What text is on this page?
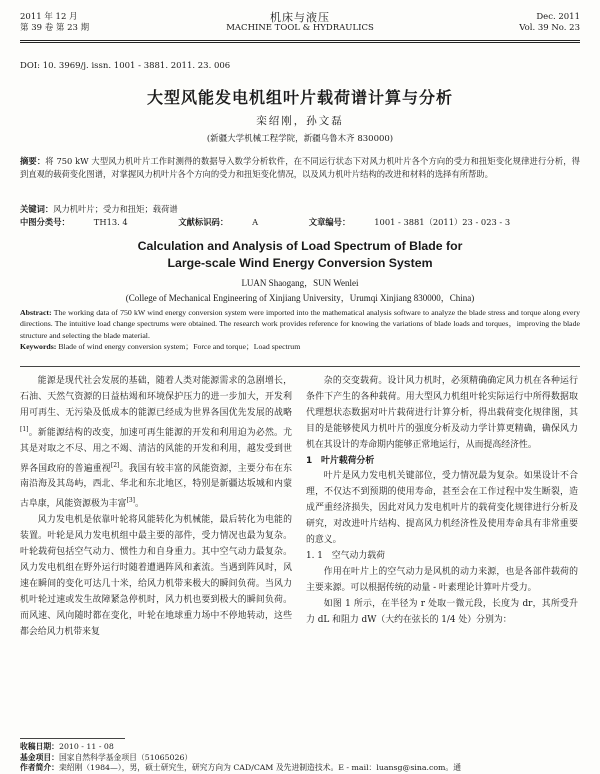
2011 年 12 月
第 39 卷 第 23 期
机床与液压
MACHINE TOOL & HYDRAULICS
Dec. 2011
Vol. 39 No. 23
DOI: 10. 3969/j. issn. 1001 - 3881. 2011. 23. 006
大型风能发电机组叶片载荷谱计算与分析
栾绍刚，孙文磊
(新疆大学机械工程学院，新疆乌鲁木齐 830000)
摘要：将 750 kW 大型风力机叶片工作时测得的数据导入数学分析软件，在不同运行状态下对风力机叶片各个方向的受力和扭矩变化规律进行分析，得到直观的载荷变化图谱，对掌握风力机叶片各个方向的受力和扭矩变化情况，以及风力机叶片结构的改进和材料的选择有所帮助。
关键词：风力机叶片；受力和扭矩；载荷谱
中图分类号：	TH13. 4	文献标识码：	A	文章编号：	1001 - 3881（2011）23 - 023 - 3
Calculation and Analysis of Load Spectrum of Blade for
Large-scale Wind Energy Conversion System
LUAN Shaogang，SUN Wenlei
(College of Mechanical Engineering of Xinjiang University，Urumqi Xinjiang 830000，China)
Abstract: The working data of 750 kW wind energy conversion system were imported into the mathematical analysis software to analyze the blade stress and torque along every directions. The intuitive load change spectrums were obtained. The research work provides reference for knowing the variations of blade loads and torques，improving the blade structure and selecting the blade material.
Keywords: Blade of wind energy conversion system；Force and torque；Load spectrum

能源是现代社会发展的基础，随着人类对能源需求的急剧增长，石油、天然气资源的日益枯竭和环境保护压力的进一步加大，开发利用可再生、无污染及低成本的能源已经成为世界各国优先发展的战略[1]。新能源结构的改变，加速可再生能源的开发和利用迫为必然。尤其是对取之不尽、用之不竭、清洁的风能的开发和利用，越发受到世界各国政府的普遍重视[2]。我国有较丰富的风能资源，主要分布在东南沿海及其岛屿，西北、华北和东北地区，特别是新疆达坂城和内蒙古阜康，风能资源极为丰富[3]。

风力发电机是依靠叶轮将风能转化为机械能，最后转化为电能的装置。叶轮是风力发电机组中最主要的部件，受力情况也最为复杂。叶轮载荷包括空气动力、惯性力和自身重力。其中空气动力最复杂。风力发电机组在野外运行时随着遭遇阵风和紊流。当遇到阵风时，风速在瞬间的变化可达几十米，给风力机带来极大的瞬间负荷。当风力机叶轮过速或发生故障紧急停机时，风力机也要到极大的瞬间负荷。而风速、风向随时都在变化，叶轮在地球重力场中不停地转动，这些都会给风力机带来复

杂的交变载荷。设计风力机时，必须精确确定风力机在各种运行条件下产生的各种载荷。用大型风力机组叶轮实际运行中所得数据取代理想状态数据对叶片载荷进行计算分析，得出载荷变化规律图，其目的是能够使风力机叶片的强度分析及动力学计算更精确，确保风力机在其设计的寿命期内能够正常地运行，从而提高经济性。

1　叶片载荷分析

叶片是风力发电机关键部位，受力情况最为复杂。如果设计不合理，不仅达不到预期的使用寿命，甚至会在工作过程中发生断裂，造成严重经济损失，因此对风力发电机叶片的载荷变化规律进行分析及研究，对改进叶片结构、提高风力机经济性及使用寿命具有非常重要的意义。

1. 1　空气动力载荷

作用在叶片上的空气动力是风机的动力来源，也是各部件载荷的主要来源。可以根据传统的动量 - 叶素理论计算叶片受力。

如图 1 所示，在半径为 r 处取一微元段，长度为 dr，其所受升力 dL 和阻力 dW（大约在弦长的 1/4 处）分别为：

收稿日期：2010 - 11 - 08
基金项目：国家自然科学基金项目（51065026）
作者简介：栾绍刚（1984—），男，硕士研究生，研究方向为 CAD/CAM 及先进制造技术。E - mail：luansg@sina.com。通
